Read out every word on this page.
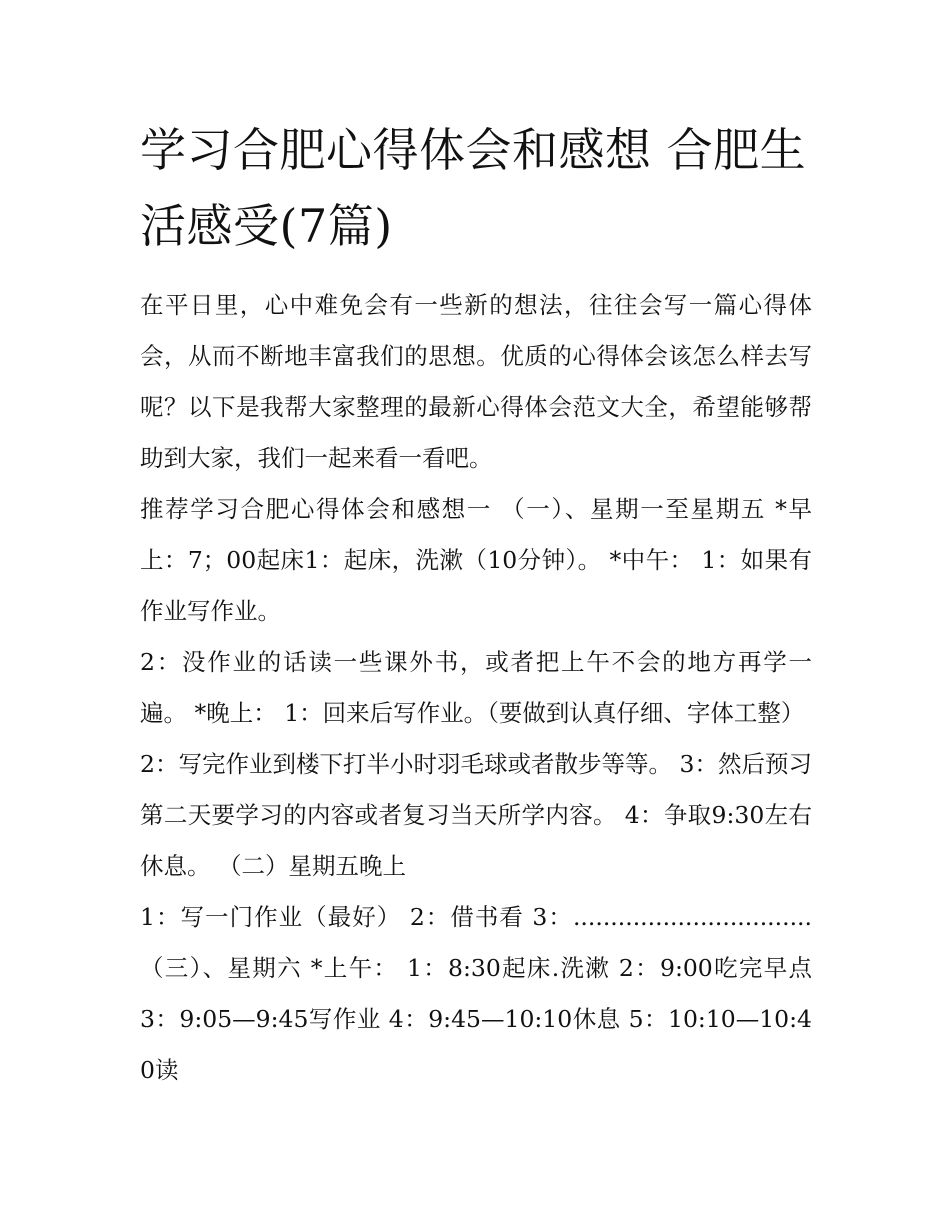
学习合肥心得体会和感想 合肥生活感受(7篇)

在平日里，心中难免会有一些新的想法，往往会写一篇心得体会，从而不断地丰富我们的思想。优质的心得体会该怎么样去写呢？以下是我帮大家整理的最新心得体会范文大全，希望能够帮助到大家，我们一起来看一看吧。

推荐学习合肥心得体会和感想一 （一）、星期一至星期五 *早上：7；00起床1：起床，洗漱（10分钟）。 *中午： 1：如果有作业写作业。

2：没作业的话读一些课外书，或者把上午不会的地方再学一遍。 *晚上： 1：回来后写作业。（要做到认真仔细、字体工整）

2：写完作业到楼下打半小时羽毛球或者散步等等。 3：然后预习第二天要学习的内容或者复习当天所学内容。 4：争取9:30左右休息。 （二）星期五晚上

1：写一门作业（最好） 2：借书看 3：................................ （三）、星期六 *上午： 1：8:30起床.洗漱 2：9:00吃完早点 3：9:05—9:45写作业 4：9:45—10:10休息 5：10:10—10:40读
